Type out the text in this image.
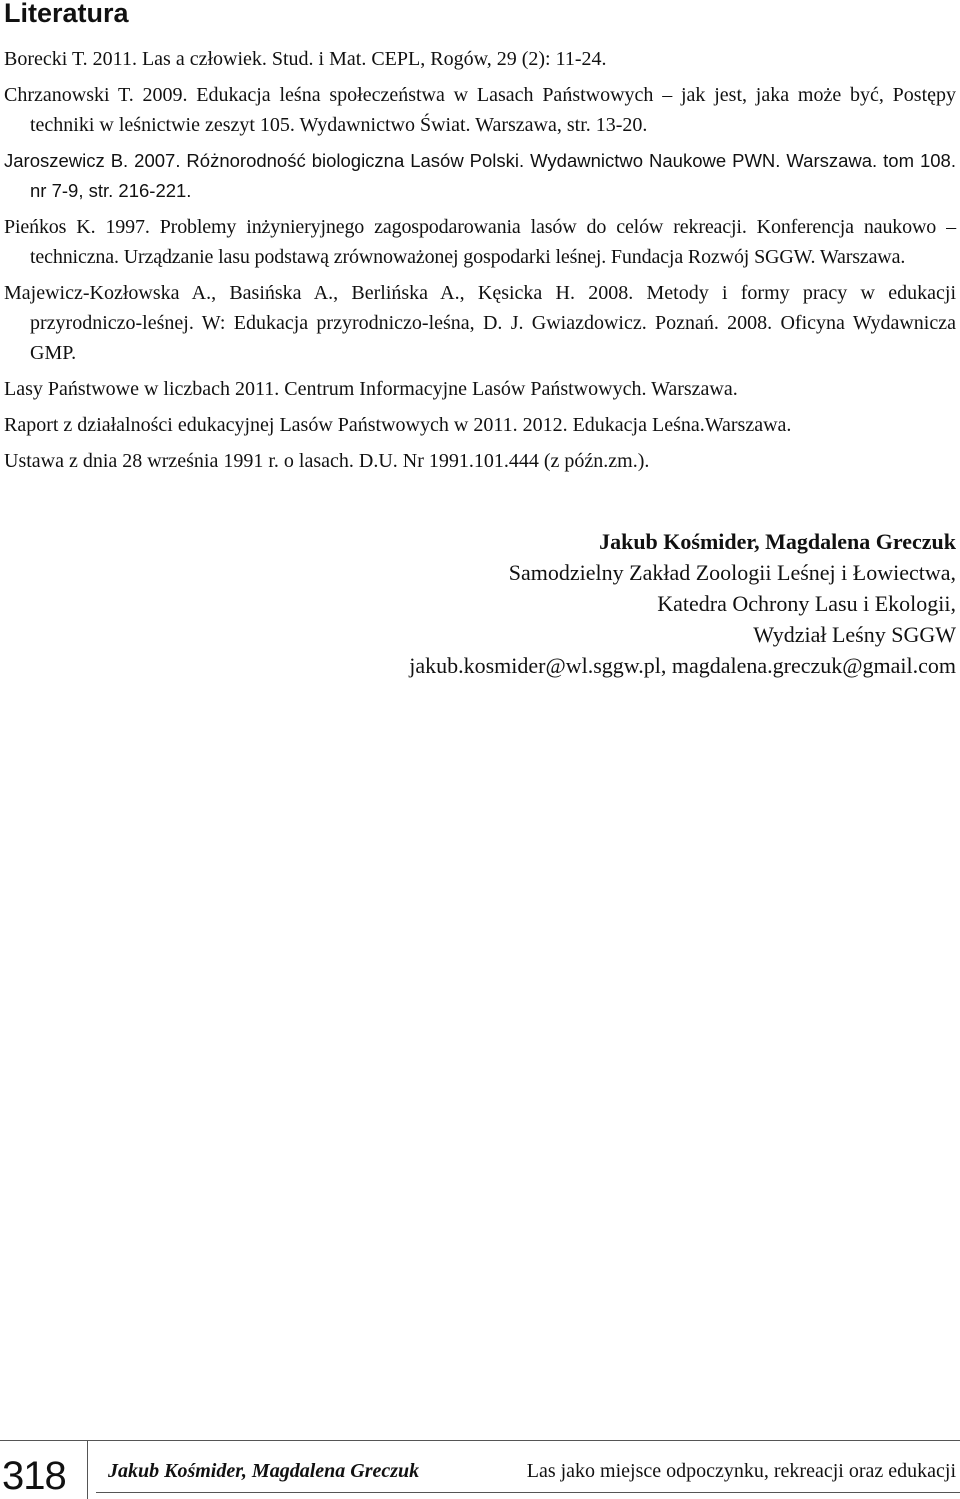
Literatura
Borecki T. 2011. Las a człowiek. Stud. i Mat. CEPL, Rogów, 29 (2): 11-24.
Chrzanowski T. 2009. Edukacja leśna społeczeństwa w Lasach Państwowych – jak jest, jaka może być, Postępy techniki w leśnictwie zeszyt 105. Wydawnictwo Świat. Warszawa, str. 13-20.
Jaroszewicz B. 2007. Różnorodność biologiczna Lasów Polski. Wydawnictwo Naukowe PWN. Warszawa. tom 108. nr 7-9, str. 216-221.
Pieńkos K. 1997. Problemy inżynieryjnego zagospodarowania lasów do celów rekreacji. Konferencja naukowo – techniczna. Urządzanie lasu podstawą zrównoważonej gospodarki leśnej. Fundacja Rozwój SGGW. Warszawa.
Majewicz-Kozłowska A., Basińska A., Berlińska A., Kęsicka H. 2008. Metody i formy pracy w edukacji przyrodniczo-leśnej. W: Edukacja przyrodniczo-leśna, D. J. Gwiazdowicz. Poznań. 2008. Oficyna Wydawnicza GMP.
Lasy Państwowe w liczbach 2011. Centrum Informacyjne Lasów Państwowych. Warszawa.
Raport z działalności edukacyjnej Lasów Państwowych w 2011. 2012. Edukacja Leśna.Warszawa.
Ustawa z dnia 28 września 1991 r. o lasach. D.U. Nr 1991.101.444 (z późn.zm.).
Jakub Kośmider, Magdalena Greczuk
Samodzielny Zakład Zoologii Leśnej i Łowiectwa,
Katedra Ochrony Lasu i Ekologii,
Wydział Leśny SGGW
jakub.kosmider@wl.sggw.pl, magdalena.greczuk@gmail.com
318 Jakub Kośmider, Magdalena Greczuk	Las jako miejsce odpoczynku, rekreacji oraz edukacji
